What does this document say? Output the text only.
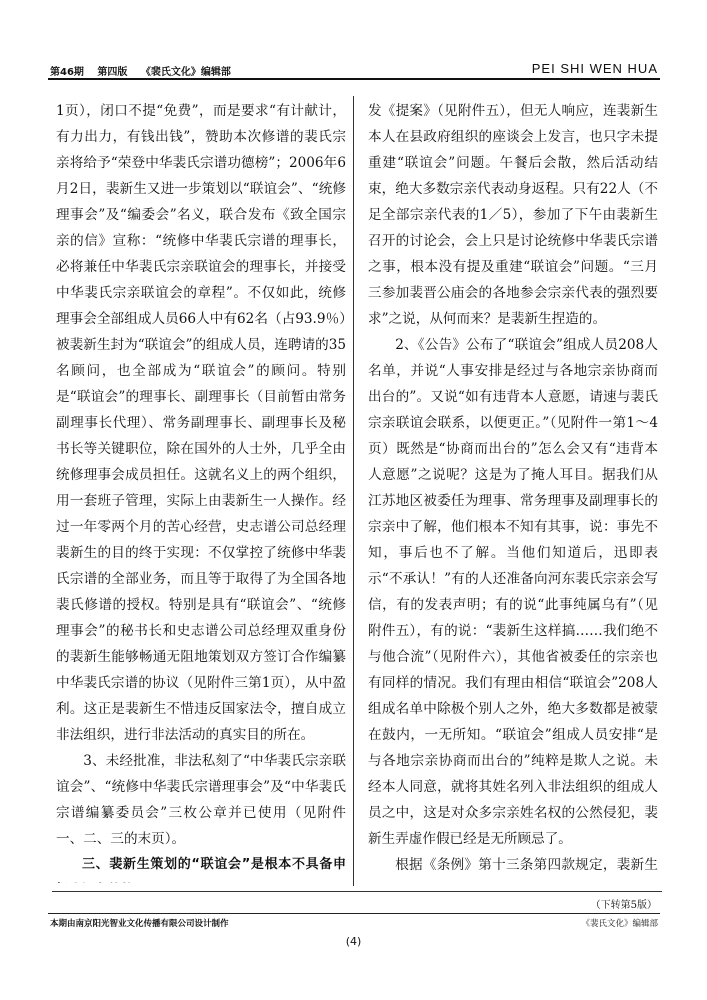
第46期 第四版 《裴氏文化》编辑部	PEI SHI WEN HUA

1页），闭口不提“免费”，而是要求“有计献计，有力出力，有钱出钱”，赞助本次修谱的裴氏宗亲将给予“荣登中华裴氏宗谱功德榜”；2006年6月2日，裴新生又进一步策划以“联谊会”、“统修理事会”及“编委会”名义，联合发布《致全国宗亲的信》宣称：“统修中华裴氏宗谱的理事长，必将兼任中华裴氏宗亲联谊会的理事长，并接受中华裴氏宗亲联谊会的章程”。不仅如此，统修理事会全部组成人员66人中有62名（占93.9％）被裴新生封为“联谊会”的组成人员，连聘请的35名顾问，也全部成为“联谊会”的顾问。特别是“联谊会”的理事长、副理事长（目前暂由常务副理事长代理）、常务副理事长、副理事长及秘书长等关键职位，除在国外的人士外，几乎全由统修理事会成员担任。这就名义上的两个组织，用一套班子管理，实际上由裴新生一人操作。经过一年零两个月的苦心经营，史志谱公司总经理裴新生的目的终于实现：不仅掌控了统修中华裴氏宗谱的全部业务，而且等于取得了为全国各地裴氏修谱的授权。特别是具有“联谊会”、“统修理事会”的秘书长和史志谱公司总经理双重身份的裴新生能够畅通无阻地策划双方签订合作编纂中华裴氏宗谱的协议（见附件三第1页），从中盈利。这正是裴新生不惜违反国家法令，擅自成立非法组织，进行非法活动的真实目的所在。

3、未经批准，非法私刻了“中华裴氏宗亲联谊会”、“统修中华裴氏宗谱理事会”及“中华裴氏宗谱编纂委员会”三枚公章并已使用（见附件一、二、三的末页）。

三、裴新生策划的“联谊会”是根本不具备申

发《提案》（见附件五），但无人响应，连裴新生本人在县政府组织的座谈会上发言，也只字未提重建“联谊会”问题。午餐后会散，然后活动结束，绝大多数宗亲代表动身返程。只有22人（不足全部宗亲代表的1／5），参加了下午由裴新生召开的讨论会，会上只是讨论统修中华裴氏宗谱之事，根本没有提及重建“联谊会”问题。“三月三参加裴晋公庙会的各地参会宗亲代表的强烈要求”之说，从何而来？是裴新生捏造的。

2、《公告》公布了“联谊会”组成人员208人名单，并说“人事安排是经过与各地宗亲协商而出台的”。又说“如有违背本人意愿，请速与裴氏宗亲联谊会联系，以便更正。”（见附件一第1～4页）既然是“协商而出台的”怎么会又有“违背本人意愿”之说呢？这是为了掩人耳目。据我们从江苏地区被委任为理事、常务理事及副理事长的宗亲中了解，他们根本不知有其事，说：事先不知，事后也不了解。当他们知道后，迅即表示“不承认！”有的人还准备向河东裴氏宗亲会写信，有的发表声明；有的说“此事纯属乌有”（见附件五），有的说：“裴新生这样搞……我们绝不与他合流”（见附件六），其他省被委任的宗亲也有同样的情况。我们有理由相信“联谊会”208人组成名单中除极个别人之外，绝大多数都是被蒙在鼓内，一无所知。“联谊会”组成人员安排“是与各地宗亲协商而出台的”纯粹是欺人之说。未经本人同意，就将其姓名列入非法组织的组成人员之中，这是对众多宗亲姓名权的公然侵犯，裴新生弄虚作假已经是无所顾忌了。

根据《条例》第十三条第四款规定，裴新生

（下转第5版）
本期由南京阳光智业文化传播有限公司设计制作	《裴氏文化》编辑部
(4)
